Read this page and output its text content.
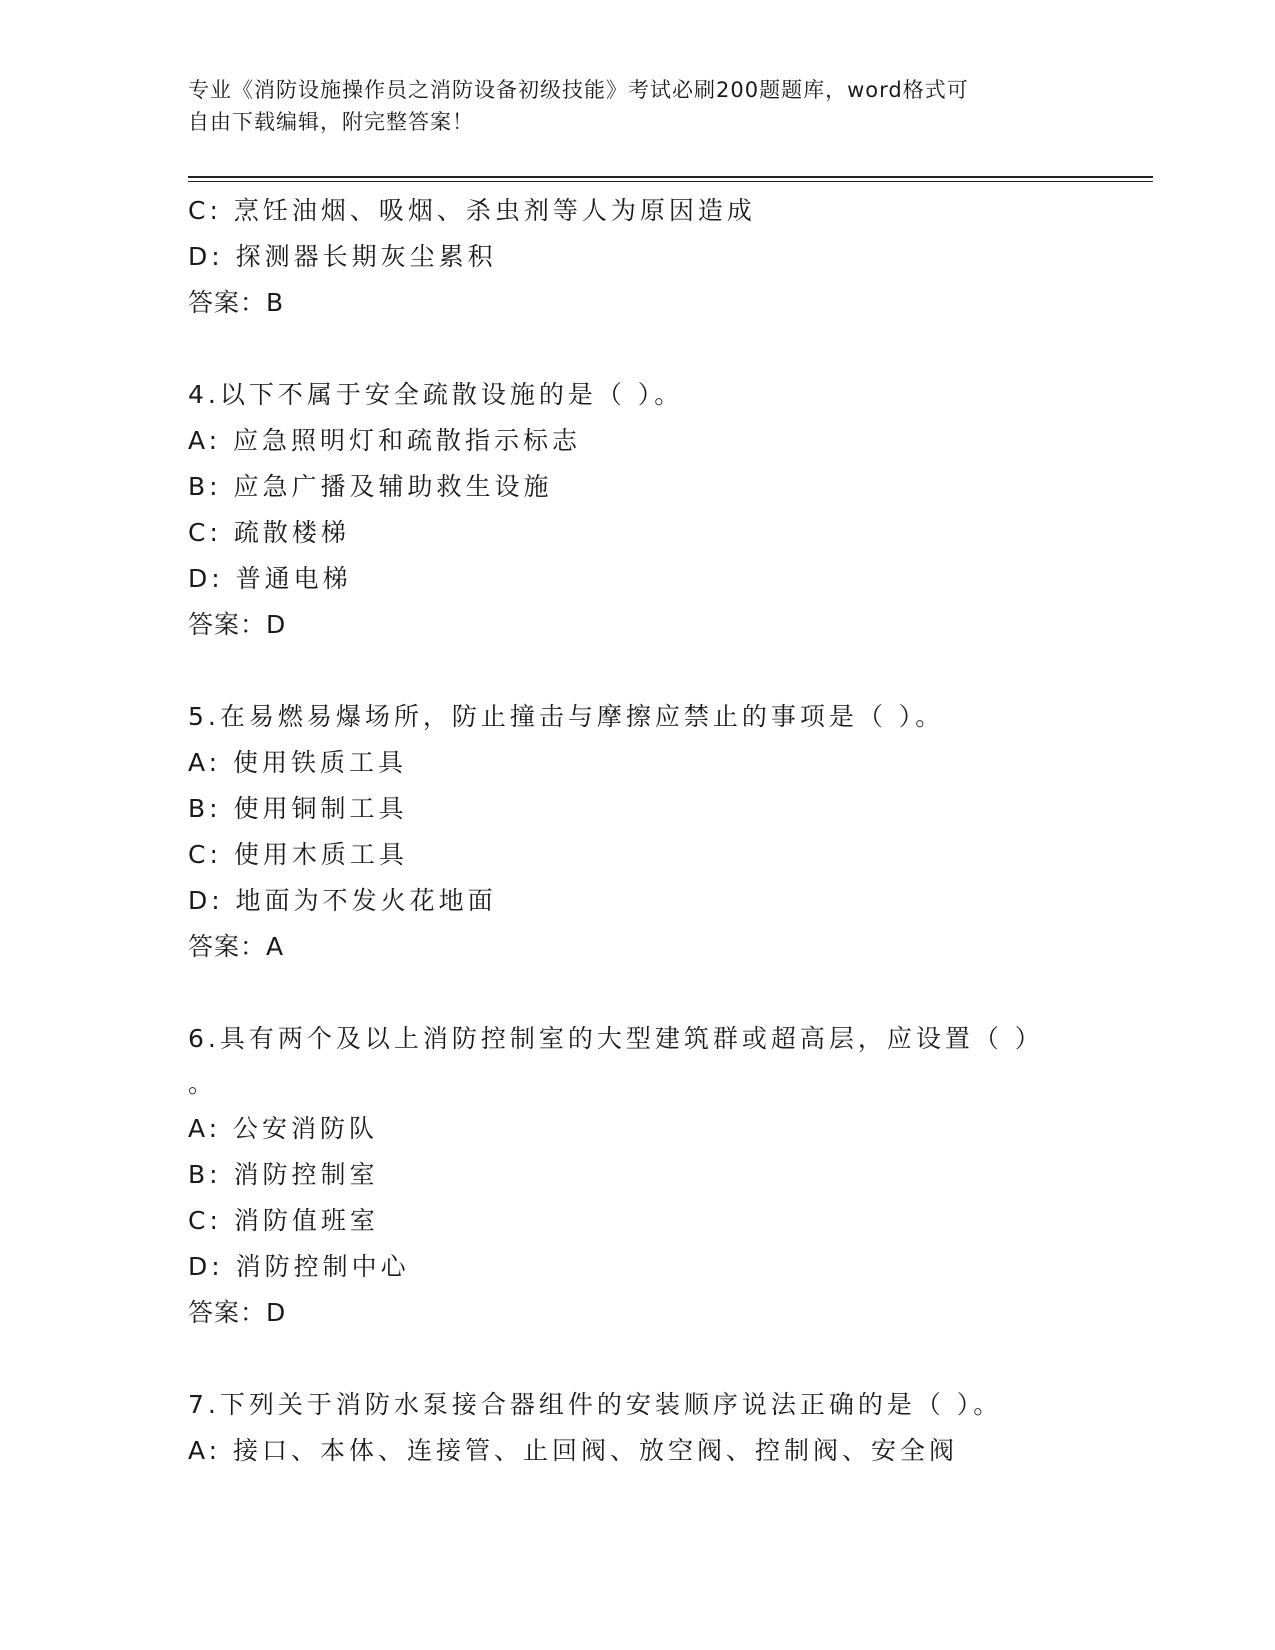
专业《消防设施操作员之消防设备初级技能》考试必刷200题题库，word格式可
自由下载编辑，附完整答案！
C: 烹饪油烟、吸烟、杀虫剂等人为原因造成
D: 探测器长期灰尘累积
答案：B
4.以下不属于安全疏散设施的是（ ）。
A: 应急照明灯和疏散指示标志
B: 应急广播及辅助救生设施
C: 疏散楼梯
D: 普通电梯
答案：D
5.在易燃易爆场所，防止撞击与摩擦应禁止的事项是（ ）。
A: 使用铁质工具
B: 使用铜制工具
C: 使用木质工具
D: 地面为不发火花地面
答案：A
6.具有两个及以上消防控制室的大型建筑群或超高层，应设置（ ）
。
A: 公安消防队
B: 消防控制室
C: 消防值班室
D: 消防控制中心
答案：D
7.下列关于消防水泵接合器组件的安装顺序说法正确的是（ ）。
A: 接口、本体、连接管、止回阀、放空阀、控制阀、安全阀
